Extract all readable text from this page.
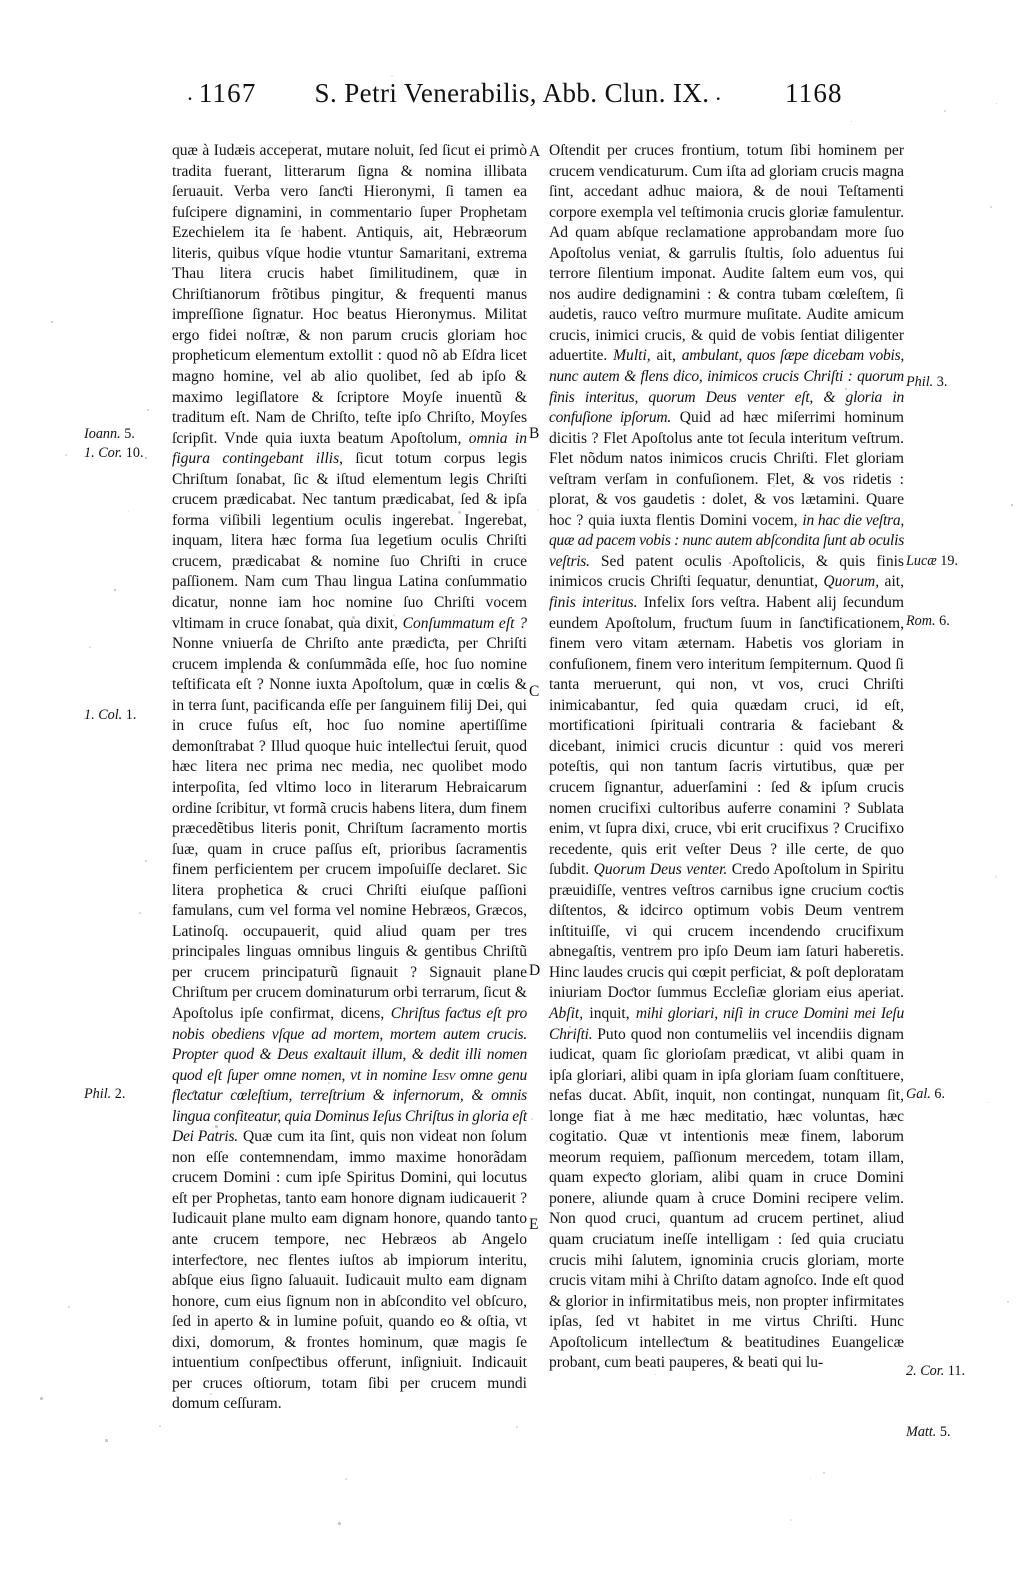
. 1167 S. Petri Venerabilis, Abb. Clun. IX. . 1168

quæ à Iudæis acceperat, mutare noluit, ſed ſicut ei primò tradita fuerant, litterarum ſigna & nomina illibata ſeruauit. Verba vero ſanƈti Hieronymi, ſi tamen ea fuſcipere dignamini, in commentario ſuper Prophetam Ezechielem ita ſe habent. Antiquis, ait, Hebræorum literis, quibus vſque hodie vtuntur Samaritani, extrema Thau litera crucis habet ſimilitudinem, quæ in Chriſtianorum frõtibus pingitur, & frequenti manus impreſſione ſignatur. Hoc beatus Hieronymus. Militat ergo fidei noſtræ, & non parum crucis gloriam hoc propheticum elementum extollit : quod nõ ab Eſdra licet magno homine, vel ab alio quolibet, ſed ab ipſo & maximo legiſlatore & ſcriptore Moyſe inuentũ & traditum eſt. Nam de Chriſto, teſte ipſo Chriſto, Moyſes ſcripſit. Vnde quia iuxta beatum Apoſtolum, omnia in figura contingebant illis, ſicut totum corpus legis Chriſtum ſonabat, ſic & iſtud elementum legis Chriſti crucem prædicabat. Nec tantum prædicabat, ſed & ipſa forma viſibili legentium oculis ingerebat. Ingerebat, inquam, litera hæc forma ſua legetium oculis Chriſti crucem, prædicabat & nomine ſuo Chriſti in cruce paſſionem. Nam cum Thau lingua Latina conſummatio dicatur, nonne iam hoc nomine ſuo Chriſti vocem vltimam in cruce ſonabat, qua dixit, Conſummatum eſt ? Nonne vniuerſa de Chriſto ante prædiƈta, per Chriſti crucem implenda & conſummãda eſſe, hoc ſuo nomine teſtificata eſt ? Nonne iuxta Apoſtolum, quæ in cœlis & in terra ſunt, pacificanda eſſe per ſanguinem filij Dei, qui in cruce fuſus eſt, hoc ſuo nomine apertiſſime demonſtrabat ? Illud quoque huic intelleƈtui ſeruit, quod hæc litera nec prima nec media, nec quolibet modo interpoſita, ſed vltimo loco in literarum Hebraicarum ordine ſcribitur, vt formã crucis habens litera, dum finem præcedẽtibus literis ponit, Chriſtum ſacramento mortis ſuæ, quam in cruce paſſus eſt, prioribus ſacramentis finem perficientem per crucem impoſuiſſe declaret. Sic litera prophetica & cruci Chriſti eiuſque paſſioni famulans, cum vel forma vel nomine Hebræos, Græcos, Latinoſq. occupauerit, quid aliud quam per tres principales linguas omnibus linguis & gentibus Chriſtũ per crucem principaturũ ſignauit ? Signauit plane Chriſtum per crucem dominaturum orbi terrarum, ſicut & Apoſtolus ipſe confirmat, dicens, Chriſtus faƈtus eſt pro nobis obediens vſque ad mortem, mortem autem crucis. Propter quod & Deus exaltauit illum, & dedit illi nomen quod eſt ſuper omne nomen, vt in nomine Iesv omne genu fleƈtatur cœleſtium, terreſtrium & infernorum, & omnis lingua confiteatur, quia Dominus Ieſus Chriſtus in gloria eſt Dei Patris. Quæ cum ita ſint, quis non videat non ſolum non eſſe contemnendam, immo maxime honorãdam crucem Domini : cum ipſe Spiritus Domini, qui locutus eſt per Prophetas, tanto eam honore dignam iudicauerit ? Iudicauit plane multo eam dignam honore, quando tanto ante crucem tempore, nec Hebræos ab Angelo interfeƈtore, nec flentes iuſtos ab impiorum interitu, abſque eius ſigno ſaluauit. Iudicauit multo eam dignam honore, cum eius ſignum non in abſcondito vel obſcuro, ſed in aperto & in lumine poſuit, quando eo & oſtia, vt dixi, domorum, & frontes hominum, quæ magis ſe intuentium conſpeƈtibus offerunt, inſigniuit. Indicauit per cruces oſtiorum, totam ſibi per crucem mundi domum ceſſuram.

Oſtendit per cruces frontium, totum ſibi hominem per crucem vendicaturum. Cum iſta ad gloriam crucis magna ſint, accedant adhuc maiora, & de noui Teſtamenti corpore exempla vel teſtimonia crucis gloriæ famulentur. Ad quam abſque reclamatione approbandam more ſuo Apoſtolus veniat, & garrulis ſtultis, ſolo aduentus ſui terrore ſilentium imponat. Audite ſaltem eum vos, qui nos audire dedignamini : & contra tubam cœleſtem, ſi audetis, rauco veſtro murmure muſitate. Audite amicum crucis, inimici crucis, & quid de vobis ſentiat diligenter aduertite. Multi, ait, ambulant, quos ſæpe dicebam vobis, nunc autem & flens dico, inimicos crucis Chriſti : quorum finis interitus, quorum Deus venter eſt, & gloria in confuſione ipſorum. Quid ad hæc miſerrimi hominum dicitis ? Flet Apoſtolus ante tot ſecula interitum veſtrum. Flet nõdum natos inimicos crucis Chriſti. Flet gloriam veſtram verſam in confuſionem. Flet, & vos ridetis : plorat, & vos gaudetis : dolet, & vos lætamini. Quare hoc ? quia iuxta flentis Domini vocem, in hac die veſtra, quæ ad pacem vobis : nunc autem abſcondita ſunt ab oculis veſtris. Sed patent oculis Apoſtolicis, & quis finis inimicos crucis Chriſti ſequatur, denuntiat, Quorum, ait, finis interitus. Infelix ſors veſtra. Habent alij ſecundum eundem Apoſtolum, fruƈtum ſuum in ſanƈtificationem, finem vero vitam æternam. Habetis vos gloriam in confuſionem, finem vero interitum ſempiternum. Quod ſi tanta meruerunt, qui non, vt vos, cruci Chriſti inimicabantur, ſed quia quædam cruci, id eſt, mortificationi ſpirituali contraria & faciebant & dicebant, inimici crucis dicuntur : quid vos mereri poteſtis, qui non tantum ſacris virtutibus, quæ per crucem ſignantur, aduerſamini : ſed & ipſum crucis nomen crucifixi cultoribus auferre conamini ? Sublata enim, vt ſupra dixi, cruce, vbi erit crucifixus ? Crucifixo recedente, quis erit veſter Deus ? ille certe, de quo ſubdit. Quorum Deus venter. Credo Apoſtolum in Spiritu præuidiſſe, ventres veſtros carnibus igne crucium coƈtis diſtentos, & idcirco optimum vobis Deum ventrem inſtituiſſe, vi qui crucem incendendo crucifixum abnegaſtis, ventrem pro ipſo Deum iam ſaturi haberetis. Hinc laudes crucis qui cœpit perficiat, & poſt deploratam iniuriam Doƈtor ſummus Eccleſiæ gloriam eius aperiat. Abſit, inquit, mihi gloriari, niſi in cruce Domini mei Ieſu Chriſti. Puto quod non contumeliis vel incendiis dignam iudicat, quam ſic glorioſam prædicat, vt alibi quam in ipſa gloriari, alibi quam in ipſa gloriam ſuam conſtituere, nefas ducat. Abſit, inquit, non contingat, nunquam ſit, longe fiat à me hæc meditatio, hæc voluntas, hæc cogitatio. Quæ vt intentionis meæ finem, laborum meorum requiem, paſſionum mercedem, totam illam, quam expeƈto gloriam, alibi quam in cruce Domini ponere, aliunde quam à cruce Domini recipere velim. Non quod cruci, quantum ad crucem pertinet, aliud quam cruciatum ineſſe intelligam : ſed quia cruciatu crucis mihi ſalutem, ignominia crucis gloriam, morte crucis vitam mihi à Chriſto datam agnoſco. Inde eſt quod & glorior in infirmitatibus meis, non propter infirmitates ipſas, ſed vt habitet in me virtus Chriſti. Hunc Apoſtolicum intelleƈtum & beatitudines Euangelicæ probant, cum beati pauperes, & beati qui lu-

A
B
C
D
E
Ioann. 5.
1. Cor. 10.
1. Col. 1.
Phil. 2.
Phil. 3.
Lucæ 19.
Rom. 6.
Gal. 6.
2. Cor. 11.
Matt. 5.
